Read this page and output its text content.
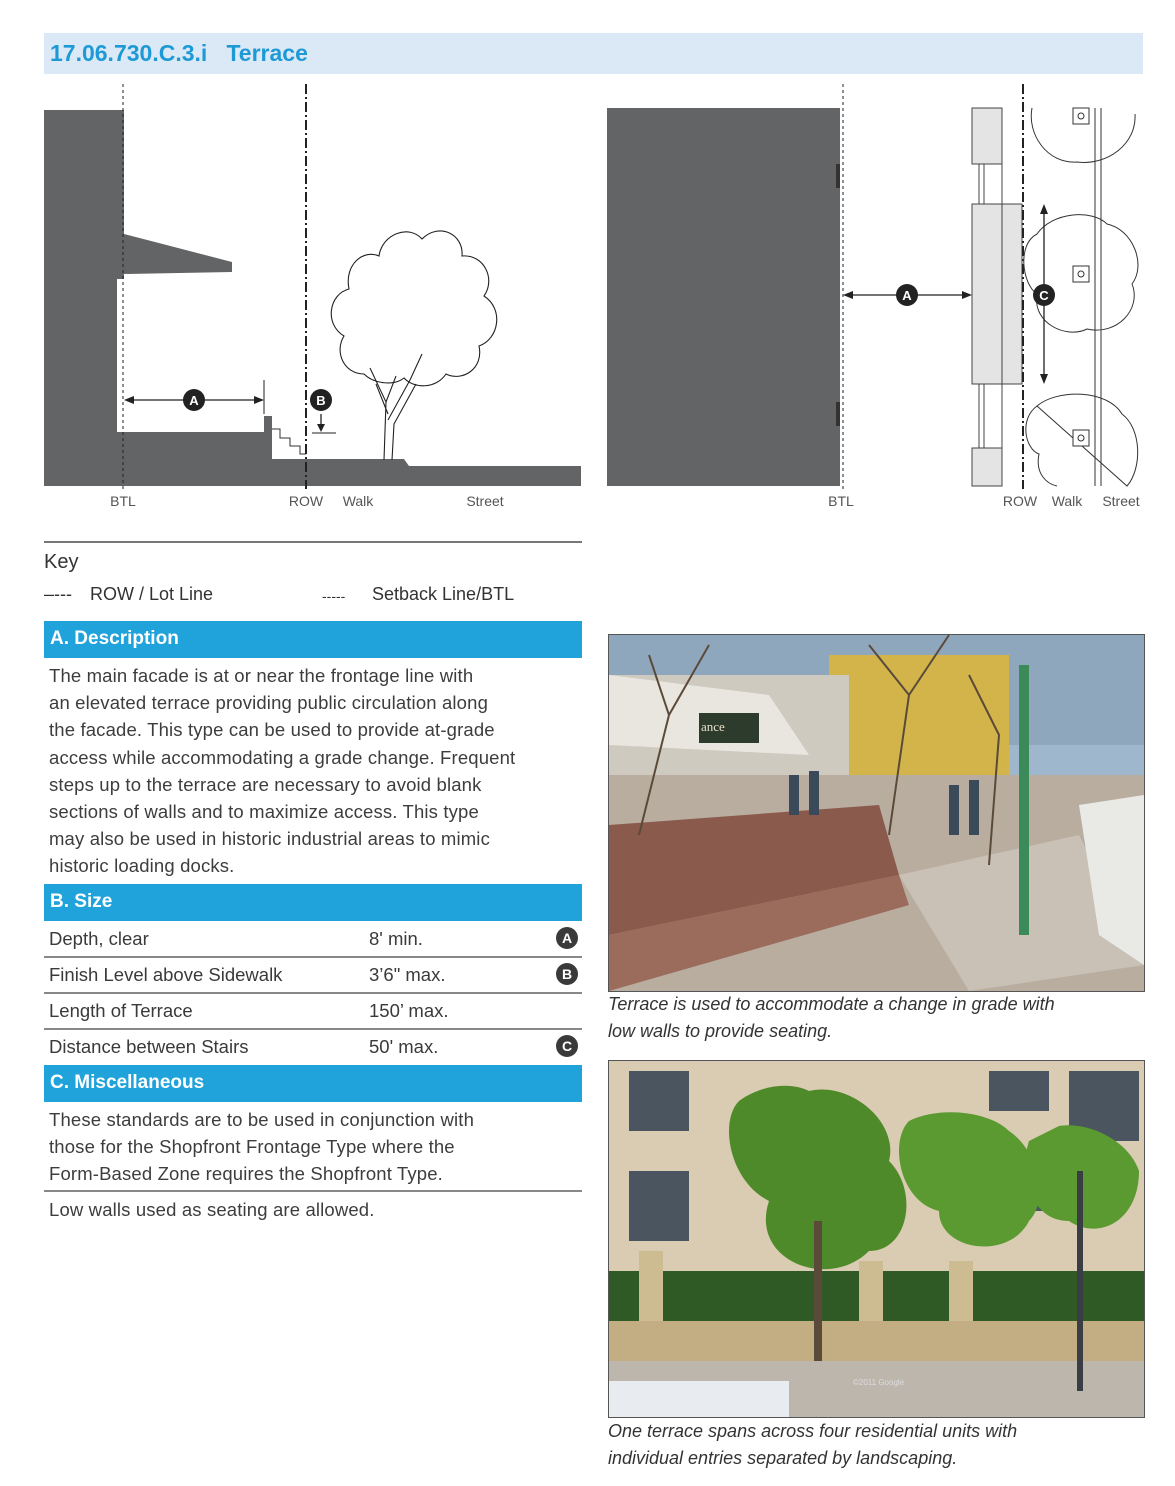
17.06.730.C.3.i   Terrace
A	B
BTL	ROW Walk	Street
A	C
BTL	ROW Walk Street
Key
–--- ROW / Lot Line	----- Setback Line/BTL
A. Description
The main facade is at or near the frontage line with
an elevated terrace providing public circulation along
the facade. This type can be used to provide at-grade
access while accommodating a grade change. Frequent
steps up to the terrace are necessary to avoid blank
sections of walls and to maximize access. This type
may also be used in historic industrial areas to mimic
historic loading docks.
B. Size
Depth, clear	8' min.	A
Finish Level above Sidewalk	3’6" max.	B
Length of Terrace	150’ max.
Distance between Stairs	50' max.	C
C. Miscellaneous
These standards are to be used in conjunction with
those for the Shopfront Frontage Type where the
Form-Based Zone requires the Shopfront Type.
Low walls used as seating are allowed.
ance
Terrace is used to accommodate a change in grade with
low walls to provide seating.
©2011 Google
One terrace spans across four residential units with
individual entries separated by landscaping.
